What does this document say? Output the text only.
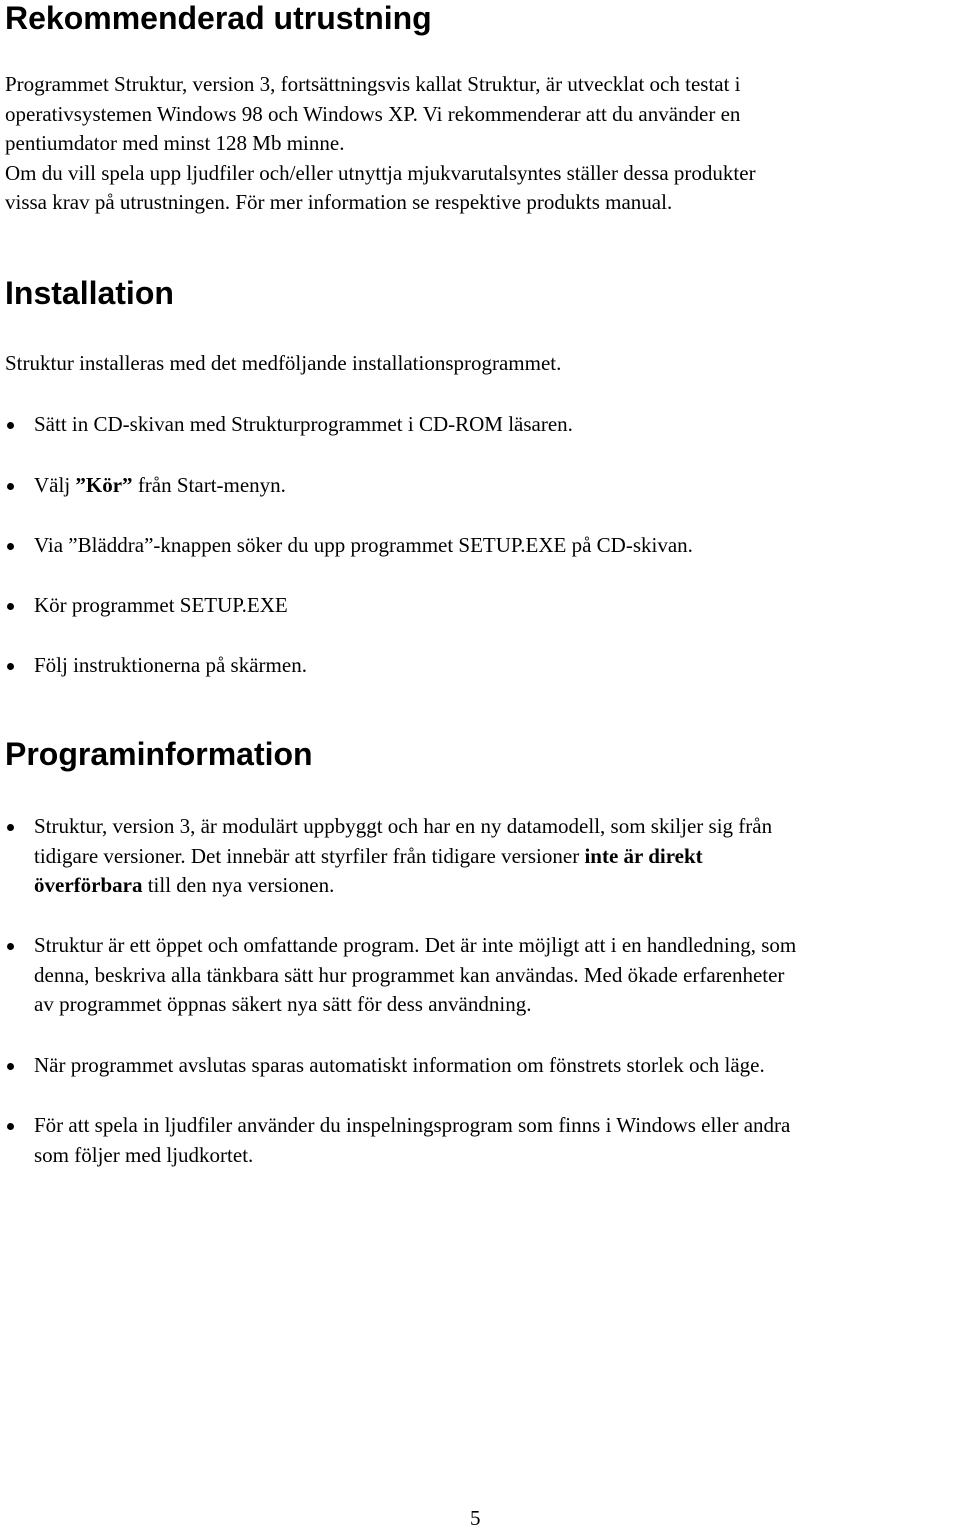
Rekommenderad utrustning
Programmet Struktur, version 3, fortsättningsvis kallat Struktur, är utvecklat och testat i
operativsystemen Windows 98 och Windows XP. Vi rekommenderar att du använder en
pentiumdator med minst 128 Mb minne.
Om du vill spela upp ljudfiler och/eller utnyttja mjukvarutalsyntes ställer dessa produkter
vissa krav på utrustningen. För mer information se respektive produkts manual.
Installation
Struktur installeras med det medföljande installationsprogrammet.
Sätt in CD-skivan med Strukturprogrammet i CD-ROM läsaren.
Välj ”Kör” från Start-menyn.
Via ”Bläddra”-knappen söker du upp programmet SETUP.EXE på CD-skivan.
Kör programmet SETUP.EXE
Följ instruktionerna på skärmen.
Programinformation
Struktur, version 3, är modulärt uppbyggt och har en ny datamodell, som skiljer sig från
tidigare versioner. Det innebär att styrfiler från tidigare versioner inte är direkt
överförbara till den nya versionen.
Struktur är ett öppet och omfattande program. Det är inte möjligt att i en handledning, som
denna, beskriva alla tänkbara sätt hur programmet kan användas. Med ökade erfarenheter
av programmet öppnas säkert nya sätt för dess användning.
När programmet avslutas sparas automatiskt information om fönstrets storlek och läge.
För att spela in ljudfiler använder du inspelningsprogram som finns i Windows eller andra
som följer med ljudkortet.
5
